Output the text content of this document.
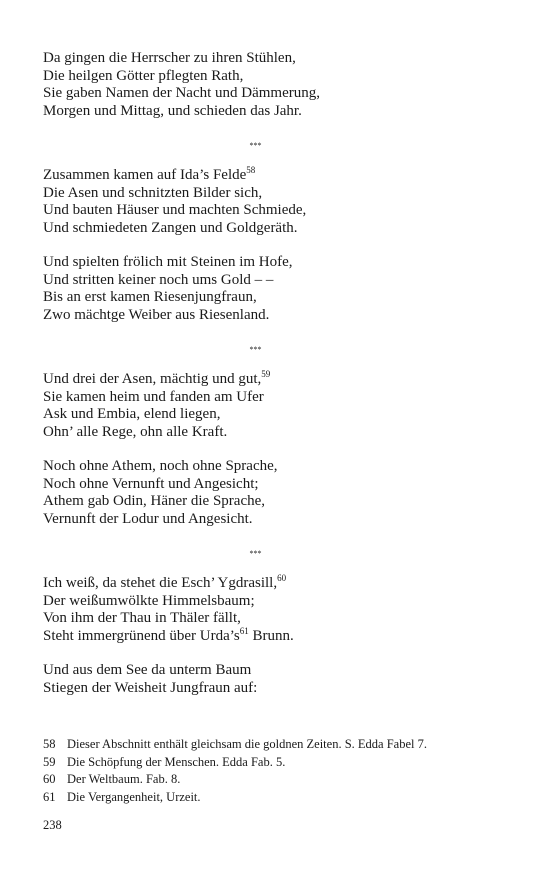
Da gingen die Herrscher zu ihren Stühlen,
Die heilgen Götter pflegten Rath,
Sie gaben Namen der Nacht und Dämmerung,
Morgen und Mittag, und schieden das Jahr.
***
Zusammen kamen auf Ida’s Felde$^{58}$
Die Asen und schnitzten Bilder sich,
Und bauten Häuser und machten Schmiede,
Und schmiedeten Zangen und Goldgeräth.
Und spielten frölich mit Steinen im Hofe,
Und stritten keiner noch ums Gold – –
Bis an erst kamen Riesenjungfraun,
Zwo mächtge Weiber aus Riesenland.
***
Und drei der Asen, mächtig und gut,$^{59}$
Sie kamen heim und fanden am Ufer
Ask und Embia, elend liegen,
Ohn’ alle Rege, ohn alle Kraft.
Noch ohne Athem, noch ohne Sprache,
Noch ohne Vernunft und Angesicht;
Athem gab Odin, Häner die Sprache,
Vernunft der Lodur und Angesicht.
***
Ich weiß, da stehet die Esch’ Ygdrasill,$^{60}$
Der weißumwölkte Himmelsbaum;
Von ihm der Thau in Thäler fällt,
Steht immergrünend über $Urda’s^{61}$ Brunn.
Und aus dem See da unterm Baum
Stiegen der Weisheit Jungfraun auf:
58 Dieser Abschnitt enthält gleichsam die goldnen Zeiten. S. Edda Fabel 7.
59 Die Schöpfung der Menschen. Edda Fab. 5.
60 Der Weltbaum. Fab. 8.
61 Die Vergangenheit, Urzeit.
238
